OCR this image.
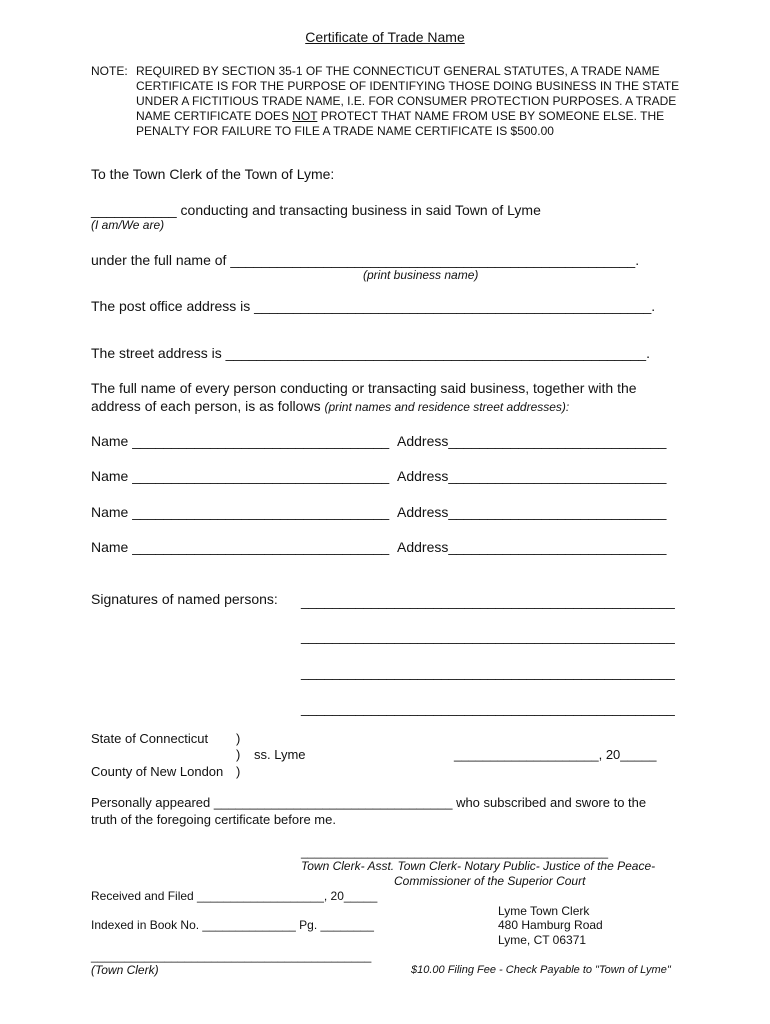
Certificate of Trade Name
NOTE: REQUIRED BY SECTION 35-1 OF THE CONNECTICUT GENERAL STATUTES, A TRADE NAME CERTIFICATE IS FOR THE PURPOSE OF IDENTIFYING THOSE DOING BUSINESS IN THE STATE UNDER A FICTITIOUS TRADE NAME, I.E. FOR CONSUMER PROTECTION PURPOSES. A TRADE NAME CERTIFICATE DOES NOT PROTECT THAT NAME FROM USE BY SOMEONE ELSE. THE PENALTY FOR FAILURE TO FILE A TRADE NAME CERTIFICATE IS $500.00
To the Town Clerk of the Town of Lyme:
___________ conducting and transacting business in said Town of Lyme
(I am/We are)
under the full name of ____________________________________________________.
(print business name)
The post office address is ___________________________________________________.
The street address is ______________________________________________________.
The full name of every person conducting or transacting said business, together with the
address of each person, is as follows (print names and residence street addresses):
Name _________________________________ Address____________________________
Name _________________________________ Address____________________________
Name _________________________________ Address____________________________
Name _________________________________ Address____________________________
Signatures of named persons: ________________________________________________
________________________________________________
________________________________________________
________________________________________________
State of Connecticut )
) ss. Lyme
County of New London )
____________________, 20_____
Personally appeared _________________________________ who subscribed and swore to the
truth of the foregoing certificate before me.
______________________________________________
Town Clerk- Asst. Town Clerk- Notary Public- Justice of the Peace-
Commissioner of the Superior Court
Received and Filed ___________________, 20_____
Indexed in Book No. ______________ Pg. ________
__________________________________________
(Town Clerk)
Lyme Town Clerk
480 Hamburg Road
Lyme, CT 06371
$10.00 Filing Fee - Check Payable to "Town of Lyme"
